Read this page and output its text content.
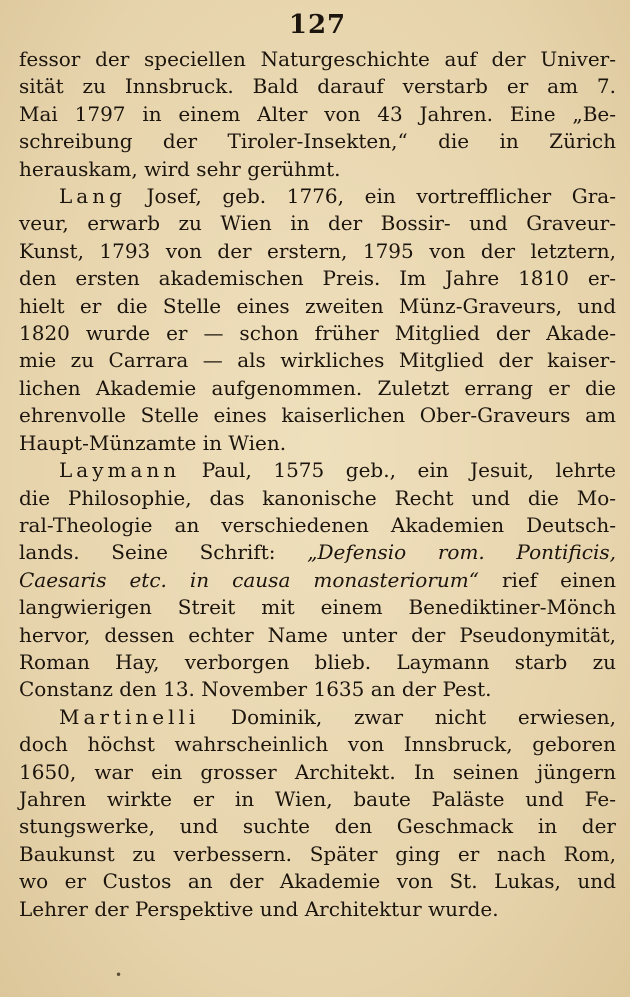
127

fessor der speciellen Naturgeschichte auf der Univer-
sität zu Innsbruck. Bald darauf verstarb er am 7.
Mai 1797 in einem Alter von 43 Jahren. Eine „Be-
schreibung der Tiroler-Insekten,“ die in Zürich
herauskam, wird sehr gerühmt.

Lang Josef, geb. 1776, ein vortrefflicher Gra-
veur, erwarb zu Wien in der Bossir- und Graveur-
Kunst, 1793 von der erstern, 1795 von der letztern,
den ersten akademischen Preis. Im Jahre 1810 er-
hielt er die Stelle eines zweiten Münz-Graveurs, und
1820 wurde er — schon früher Mitglied der Akade-
mie zu Carrara — als wirkliches Mitglied der kaiser-
lichen Akademie aufgenommen. Zuletzt errang er die
ehrenvolle Stelle eines kaiserlichen Ober-Graveurs am
Haupt-Münzamte in Wien.

Laymann Paul, 1575 geb., ein Jesuit, lehrte
die Philosophie, das kanonische Recht und die Mo-
ral-Theologie an verschiedenen Akademien Deutsch-
lands. Seine Schrift: „Defensio rom. Pontificis,
Caesaris etc. in causa monasteriorum“ rief einen
langwierigen Streit mit einem Benediktiner-Mönch
hervor, dessen echter Name unter der Pseudonymität,
Roman Hay, verborgen blieb. Laymann starb zu
Constanz den 13. November 1635 an der Pest.

Martinelli Dominik, zwar nicht erwiesen,
doch höchst wahrscheinlich von Innsbruck, geboren
1650, war ein grosser Architekt. In seinen jüngern
Jahren wirkte er in Wien, baute Paläste und Fe-
stungswerke, und suchte den Geschmack in der
Baukunst zu verbessern. Später ging er nach Rom,
wo er Custos an der Akademie von St. Lukas, und
Lehrer der Perspektive und Architektur wurde.

•
